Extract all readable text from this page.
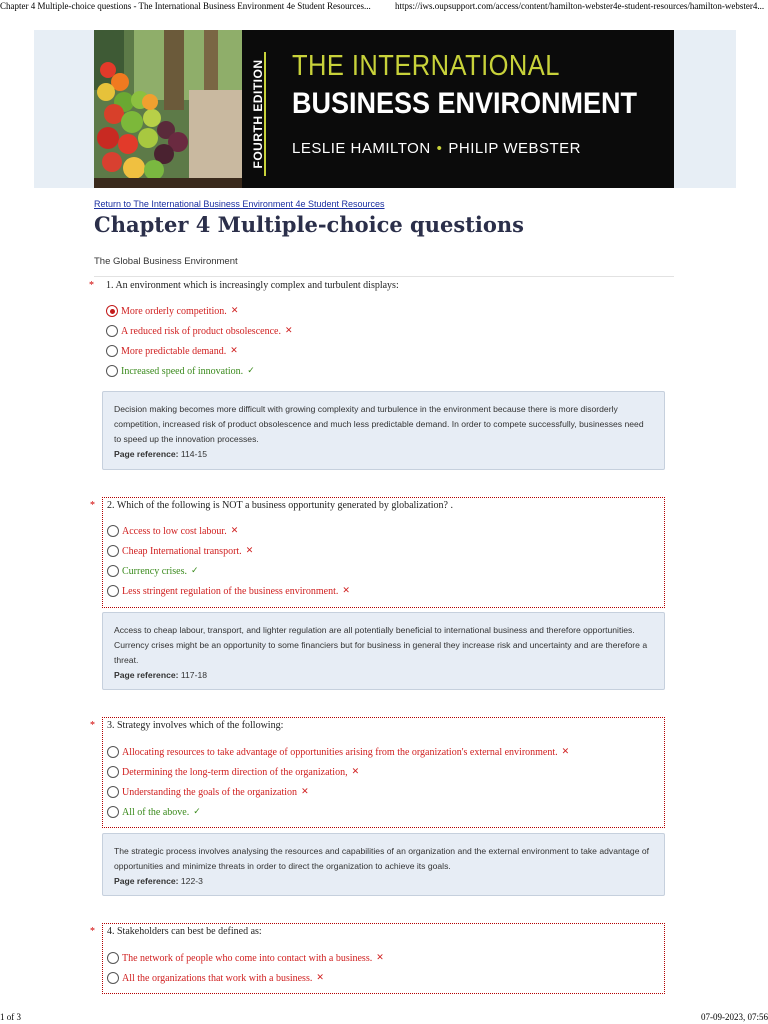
Chapter 4 Multiple-choice questions - The International Business Environment 4e Student Resources...	https://iws.oupsupport.com/access/content/hamilton-webster4e-student-resources/hamilton-webster4...
FOURTH EDITION THE INTERNATIONAL
BUSINESS ENVIRONMENT
LESLIE HAMILTON • PHILIP WEBSTER
Return to The International Business Environment 4e Student Resources
Chapter 4 Multiple-choice questions
The Global Business Environment
* 1. An environment which is increasingly complex and turbulent displays:
More orderly competition. ✕
A reduced risk of product obsolescence. ✕
More predictable demand. ✕
Increased speed of innovation. ✓
Decision making becomes more difficult with growing complexity and turbulence in the environment because there is more disorderly competition, increased risk of product obsolescence and much less predictable demand. In order to compete successfully, businesses need to speed up the innovation processes.
Page reference: 114-15
* 2. Which of the following is NOT a business opportunity generated by globalization? .
Access to low cost labour. ✕
Cheap International transport. ✕
Currency crises. ✓
Less stringent regulation of the business environment. ✕
Access to cheap labour, transport, and lighter regulation are all potentially beneficial to international business and therefore opportunities. Currency crises might be an opportunity to some financiers but for business in general they increase risk and uncertainty and are therefore a threat.
Page reference: 117-18
* 3. Strategy involves which of the following:
Allocating resources to take advantage of opportunities arising from the organization's external environment. ✕
Determining the long-term direction of the organization, ✕
Understanding the goals of the organization ✕
All of the above. ✓
The strategic process involves analysing the resources and capabilities of an organization and the external environment to take advantage of opportunities and minimize threats in order to direct the organization to achieve its goals.
Page reference: 122-3
* 4. Stakeholders can best be defined as:
The network of people who come into contact with a business. ✕
All the organizations that work with a business. ✕
1 of 3	07-09-2023, 07:56
